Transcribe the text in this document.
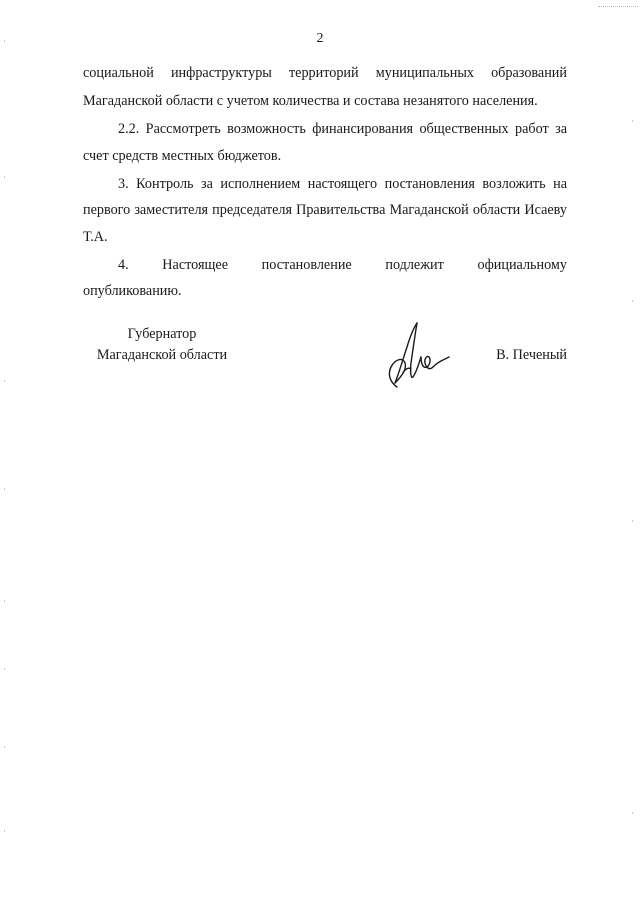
2

социальной инфраструктуры территорий муниципальных образований

Магаданской области с учетом количества и состава незанятого населения.

2.2. Рассмотреть возможность финансирования общественных работ за счет средств местных бюджетов.

3. Контроль за исполнением настоящего постановления возложить на первого заместителя председателя Правительства Магаданской области Исаеву Т.А.

4. Настоящее постановление подлежит официальному

опубликованию.

Губернатор
Магаданской области	В. Печеный
